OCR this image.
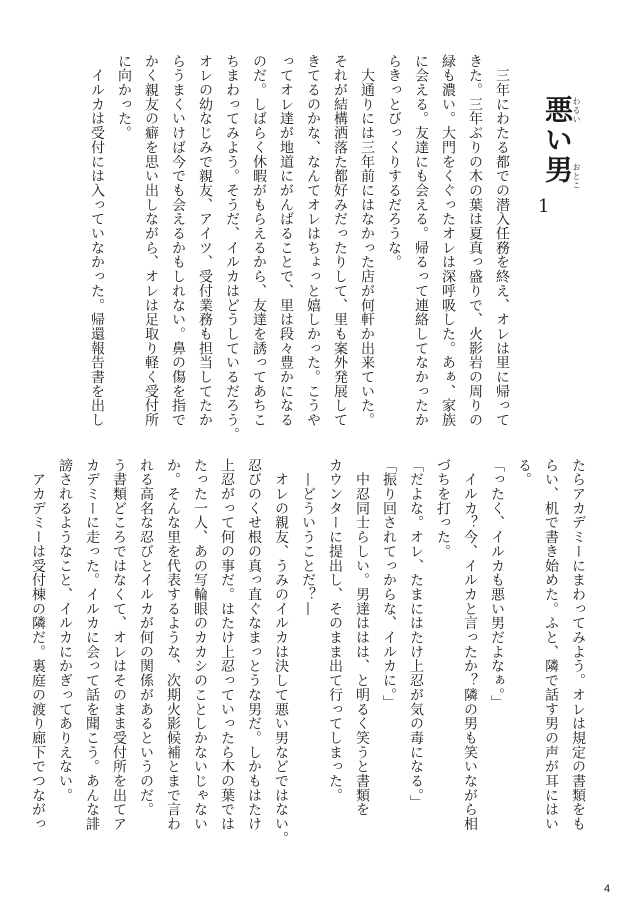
悪い男
わるい
おとこ
1
　三年にわたる都での潜入任務を終え、オレは里に帰って
きた。三年ぶりの木の葉は夏真っ盛りで、火影岩の周りの
緑も濃い。大門をくぐったオレは深呼吸した。あぁ、家族
に会える。友達にも会える。帰るって連絡してなかったか
らきっとびっくりするだろうな。
　大通りには三年前にはなかった店が何軒か出来ていた。
それが結構洒落た都好みだったりして、里も案外発展して
きてるのかな、なんてオレはちょっと嬉しかった。こうや
ってオレ達が地道にがんばることで、里は段々豊かになる
のだ。しばらく休暇がもらえるから、友達を誘ってあちこ
ちまわってみよう。そうだ、イルカはどうしているだろう。
オレの幼なじみで親友、アイツ、受付業務も担当してたか
らうまくいけば今でも会えるかもしれない。鼻の傷を指で
かく親友の癖を思い出しながら、オレは足取り軽く受付所
に向かった。
　イルカは受付には入っていなかった。帰還報告書を出し
たらアカデミーにまわってみよう。オレは規定の書類をも
らい、机で書き始めた。ふと、隣で話す男の声が耳にはい
る。
「ったく、イルカも悪い男だよなぁ。」
　イルカ？今、イルカと言ったか？隣の男も笑いながら相
づちを打った。
「だよな。オレ、たまにはたけ上忍が気の毒になる。」
「振り回されてっからな、イルカに。」
　中忍同士らしい。男達ははは、と明るく笑うと書類を
カウンターに提出し、そのまま出て行ってしまった。
　—どういうことだ？—
　オレの親友、うみのイルカは決して悪い男などではない。
忍びのくせ根の真っ直ぐなまっとうな男だ。しかもはたけ
上忍がって何の事だ。はたけ上忍っていったら木の葉では
たった一人、あの写輪眼のカカシのことしかないじゃない
か。そんな里を代表するような、次期火影候補とまで言わ
れる高名な忍びとイルカが何の関係があるというのだ。
う書類どころではなくて、オレはそのまま受付所を出てア
カデミーに走った。イルカに会って話を聞こう。あんな誹
謗されるようなこと、イルカにかぎってありえない。
　アカデミーは受付棟の隣だ。裏庭の渡り廊下でつながっ
4
